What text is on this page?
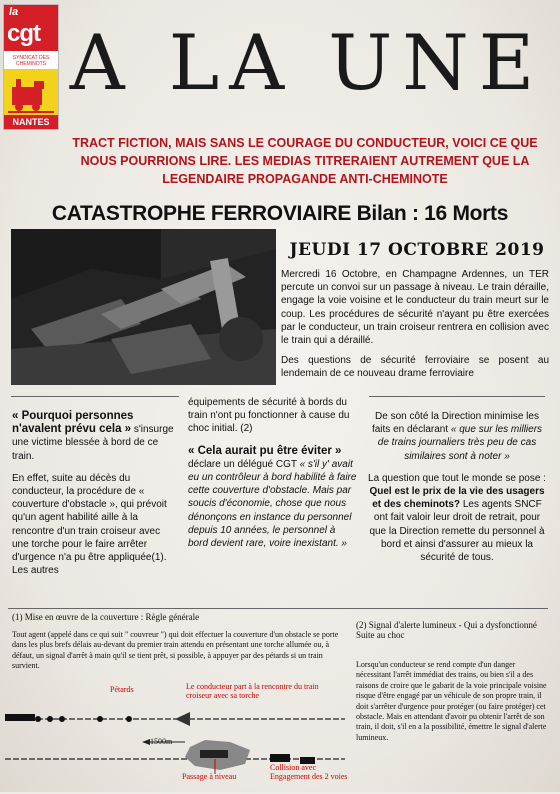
la
cgt
SYNDICAT DES CHEMINOTS
NANTES
A LA UNE
TRACT FICTION, MAIS SANS LE COURAGE DU CONDUCTEUR, VOICI CE QUE NOUS POURRIONS LIRE. LES MEDIAS TITRERAIENT AUTREMENT QUE LA LEGENDAIRE PROPAGANDE ANTI-CHEMINOTE
CATASTROPHE FERROVIAIRE Bilan : 16 Morts
JEUDI 17 OCTOBRE 2019

Mercredi 16 Octobre, en Champagne Ardennes, un TER percute un convoi sur un passage à niveau. Le train déraille, engage la voie voisine et le conducteur du train meurt sur le coup. Les procédures de sécurité n'ayant pu être exercées par le conducteur, un train croiseur rentrera en collision avec le train qui a déraillé.

Des questions de sécurité ferroviaire se posent au lendemain de ce nouveau drame ferroviaire

« Pourquoi personnes n'avalent prévu cela » s'insurge une victime blessée à bord de ce train.

En effet, suite au décès du conducteur, la procédure de « couverture d'obstacle », qui prévoit qu'un agent habilité aille à la rencontre d'un train croiseur avec une torche pour le faire arrêter d'urgence n'a pu être appliquée(1). Les autres

équipements de sécurité à bords du train n'ont pu fonctionner à cause du choc initial. (2)

« Cela aurait pu être éviter » déclare un délégué CGT « s'il y' avait eu un contrôleur à bord habilité à faire cette couverture d'obstacle. Mais par soucis d'économie, chose que nous dénonçons en instance du personnel depuis 10 années, le personnel à bord devient rare, voire inexistant. »

De son côté la Direction minimise les faits en déclarant « que sur les milliers de trains journaliers très peu de cas similaires sont à noter »

La question que tout le monde se pose : Quel est le prix de la vie des usagers et des cheminots? Les agents SNCF ont fait valoir leur droit de retrait, pour que la Direction remette du personnel à bord et ainsi d'assurer au mieux la sécurité de tous.

(1) Mise en œuvre de la couverture : Règle générale
Tout agent (appelé dans ce qui suit " couvreur ") qui doit effectuer la couverture d'un obstacle se porte dans les plus brefs délais au-devant du premier train attendu en présentant une torche allumée ou, à défaut, un signal d'arrêt à main qu'il se tient prêt, si possible, à appuyer par des pétards si un train survient.
Pétards	Le conducteur part à la rencontre du train croiseur avec sa torche
1500m
Passage à niveau
Collision avec Engagement des 2 voies
(2) Signal d'alerte lumineux - Qui a dysfonctionné Suite au choc
Lorsqu'un conducteur se rend compte d'un danger nécessitant l'arrêt immédiat des trains, ou bien s'il a des raisons de croire que le gabarit de la voie principale voisine risque d'être engagé par un véhicule de son propre train, il doit s'arrêter d'urgence pour protéger (ou faire protéger) cet obstacle. Mais en attendant d'avoir pu obtenir l'arrêt de son train, il doit, s'il en a la possibilité, émettre le signal d'alerte lumineux.
